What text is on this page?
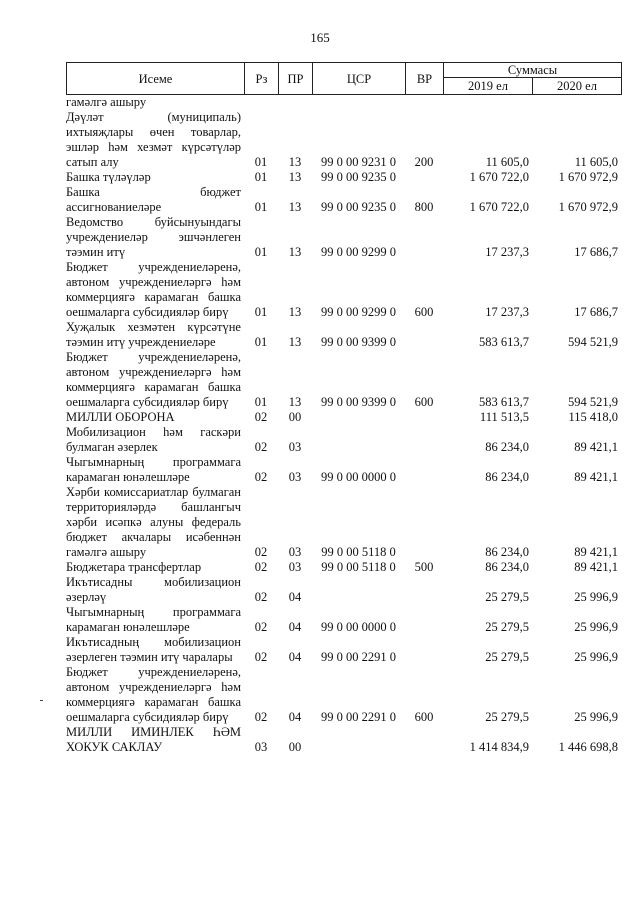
165
Исеме	Рз	ПР	ЦСР	ВР	Суммасы	
					2019 ел	2020 ел
гамәлгә ашыру						
Дәүләт (муниципаль) ихтыяҗлары өчен товарлар, эшләр һәм хезмәт күрсәтүләр сатып алу	01	13	99 0 00 9231 0	200	11 605,0	11 605,0
Башка түләүләр	01	13	99 0 00 9235 0		1 670 722,0	1 670 972,9
Башка бюджет ассигнованиеләре	01	13	99 0 00 9235 0	800	1 670 722,0	1 670 972,9
Ведомство буйсынуындагы учреждениеләр эшчәнлеген тәэмин итү	01	13	99 0 00 9299 0		17 237,3	17 686,7
Бюджет учреждениеләренә, автоном учреждениеләргә һәм коммерциягә карамаган башка оешмаларга субсидияләр бирү	01	13	99 0 00 9299 0	600	17 237,3	17 686,7
Хуҗалык хезмәтен күрсәтүне тәэмин итү учреждениеләре	01	13	99 0 00 9399 0		583 613,7	594 521,9
Бюджет учреждениеләренә, автоном учреждениеләргә һәм коммерциягә карамаган башка оешмаларга субсидияләр бирү	01	13	99 0 00 9399 0	600	583 613,7	594 521,9
МИЛЛИ ОБОРОНА	02	00			111 513,5	115 418,0
Мобилизацион һәм гаскәри булмаган әзерлек	02	03			86 234,0	89 421,1
Чыгымнарның программага карамаган юнәлешләре	02	03	99 0 00 0000 0		86 234,0	89 421,1
Хәрби комиссариатлар булмаган территорияләрдә башлангыч хәрби исәпкә алуны федераль бюджет акчалары исәбеннән гамәлгә ашыру	02	03	99 0 00 5118 0		86 234,0	89 421,1
Бюджетара трансфертлар	02	03	99 0 00 5118 0	500	86 234,0	89 421,1
Икътисадны мобилизацион әзерләү	02	04			25 279,5	25 996,9
Чыгымнарның программага карамаган юнәлешләре	02	04	99 0 00 0000 0		25 279,5	25 996,9
Икътисадның мобилизацион әзерлеген тәэмин итү чаралары	02	04	99 0 00 2291 0		25 279,5	25 996,9
Бюджет учреждениеләренә, автоном учреждениеләргә һәм коммерциягә карамаган башка оешмаларга субсидияләр бирү	02	04	99 0 00 2291 0	600	25 279,5	25 996,9
МИЛЛИ ИМИНЛЕК ҺӘМ ХОКУК САКЛАУ	03	00			1 414 834,9	1 446 698,8
